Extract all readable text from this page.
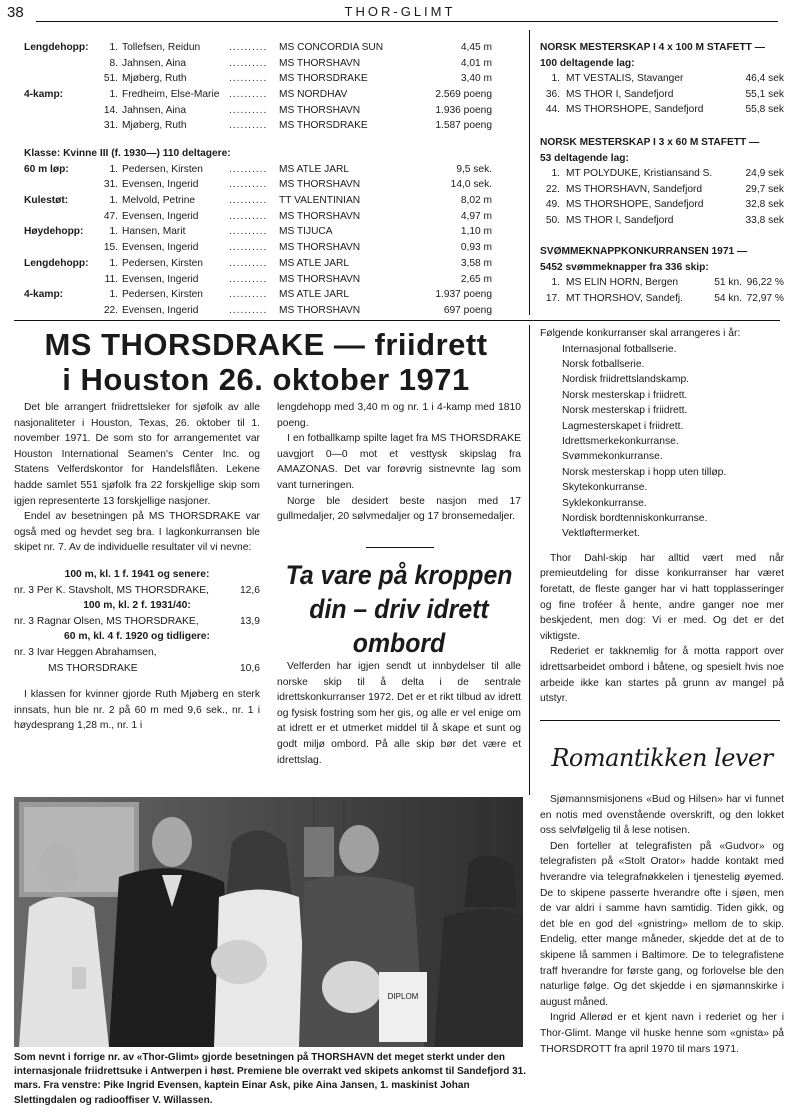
38	THOR-GLIMT
Lengdehopp:	1. Tollefsen, Reidun	..........	MS CONCORDIA SUN	4,45 m
8. Jahnsen, Aina	..........	MS THORSHAVN	4,01 m
51. Mjøberg, Ruth	..........	MS THORSDRAKE	3,40 m
4-kamp:	1. Fredheim, Else-Marie ..........	MS NORDHAV	2.569 poeng
14. Jahnsen, Aina	..........	MS THORSHAVN	1.936 poeng
31. Mjøberg, Ruth	..........	MS THORSDRAKE	1.587 poeng
Klasse: Kvinne III (f. 1930—) 110 deltagere:
60 m løp:	1. Pedersen, Kirsten	..........	MS ATLE JARL	9,5 sek.
31. Evensen, Ingerid	..........	MS THORSHAVN	14,0 sek.
Kulestøt:	1. Melvold, Petrine	..........	TT VALENTINIAN	8,02 m
47. Evensen, Ingerid	..........	MS THORSHAVN	4,97 m
Høydehopp:	1. Hansen, Marit	..........	MS TIJUCA	1,10 m
15. Evensen, Ingerid	..........	MS THORSHAVN	0,93 m
Lengdehopp:	1. Pedersen, Kirsten	..........	MS ATLE JARL	3,58 m
11. Evensen, Ingerid	..........	MS THORSHAVN	2,65 m
4-kamp:	1. Pedersen, Kirsten	..........	MS ATLE JARL	1.937 poeng
22. Evensen, Ingerid	..........	MS THORSHAVN	697 poeng
NORSK MESTERSKAP I 4 x 100 M STAFETT —
100 deltagende lag:
1. MT VESTALIS, Stavanger	46,4 sek
36. MS THOR I, Sandefjord	55,1 sek
44. MS THORSHOPE, Sandefjord	55,8 sek
NORSK MESTERSKAP I 3 x 60 M STAFETT —
53 deltagende lag:
1. MT POLYDUKE, Kristiansand S.	24,9 sek
22. MS THORSHAVN, Sandefjord	29,7 sek
49. MS THORSHOPE, Sandefjord	32,8 sek
50. MS THOR I, Sandefjord	33,8 sek
SVØMMEKNAPPKONKURRANSEN 1971 —
5452 svømmeknapper fra 336 skip:
1. MS ELIN HORN, Bergen	51 kn. 96,22 %
17. MT THORSHOV, Sandefj.	54 kn. 72,97 %
MS THORSDRAKE — friidrett
i Houston 26. oktober 1971

Det ble arrangert friidrettsleker for sjøfolk av alle nasjonaliteter i Houston, Texas, 26. oktober til 1. november 1971. De som sto for arrangementet var Houston International Seamen's Center Inc. og Statens Velferdskontor for Handelsflåten. Lekene hadde samlet 551 sjøfolk fra 22 forskjellige skip som igjen representerte 13 forskjellige nasjoner.

Endel av besetningen på MS THORSDRAKE var også med og hevdet seg bra. I lagkonkurransen ble skipet nr. 7. Av de individuelle resultater vil vi nevne:

100 m, kl. 1 f. 1941 og senere:

nr. 3 Per K. Stavsholt, MS THORSDRAKE,	12,6

100 m, kl. 2 f. 1931/40:

nr. 3 Ragnar Olsen, MS THORSDRAKE,	13,9

60 m, kl. 4 f. 1920 og tidligere:

nr. 3 Ivar Heggen Abrahamsen,

MS THORSDRAKE	10,6

I klassen for kvinner gjorde Ruth Mjøberg en sterk innsats, hun ble nr. 2 på 60 m med 9,6 sek., nr. 1 i høydesprang 1,28 m., nr. 1 i

lengdehopp med 3,40 m og nr. 1 i 4-kamp med 1810 poeng.

I en fotballkamp spilte laget fra MS THORSDRAKE uavgjort 0—0 mot et vesttysk skipslag fra AMAZONAS. Det var forøvrig sistnevnte lag som vant turneringen.

Norge ble desidert beste nasjon med 17 gullmedaljer, 20 sølvmedaljer og 17 bronsemedaljer.

Ta vare på kroppen
din – driv idrett
ombord

Velferden har igjen sendt ut innbydelser til alle norske skip til å delta i de sentrale idrettskonkurranser 1972. Det er et rikt tilbud av idrett og fysisk fostring som her gis, og alle er vel enige om at idrett er et utmerket middel til å skape et sunt og godt miljø ombord. På alle skip bør det være et idrettslag.

Følgende konkurranser skal arrangeres i år:

Internasjonal fotballserie.
Norsk fotballserie.
Nordisk friidrettslandskamp.
Norsk mesterskap i friidrett.
Norsk mesterskap i friidrett.
Lagmesterskapet i friidrett.
Idrettsmerkekonkurranse.
Svømmekonkurranse.
Norsk mesterskap i hopp uten tilløp.
Skytekonkurranse.
Syklekonkurranse.
Nordisk bordtenniskonkurranse.
Vektløftermerket.

Thor Dahl-skip har alltid vært med når premieutdeling for disse konkurranser har været foretatt, de fleste ganger har vi hatt topplasseringer og fine troféer å hente, andre ganger noe mer beskjedent, men dog: Vi er med. Og det er det viktigste.

Rederiet er takknemlig for å motta rapport over idrettsarbeidet ombord i båtene, og spesielt hvis noe arbeide ikke kan startes på grunn av mangel på utstyr.

Romantikken lever

Sjømannsmisjonens «Bud og Hilsen» har vi funnet en notis med ovenstående overskrift, og den lokket oss selvfølgelig til å lese notisen.

Den forteller at telegrafisten på «Gudvor» og telegrafisten på «Stolt Orator» hadde kontakt med hverandre via telegrafnøkkelen i tjenestelig øyemed. De to skipene passerte hverandre ofte i sjøen, men de var aldri i samme havn samtidig. Tiden gikk, og det ble en god del «gnistring» mellom de to skip. Endelig, etter mange måneder, skjedde det at de to skipene lå sammen i Baltimore. De to telegrafistene traff hverandre for første gang, og forlovelse ble den naturlige følge. Og det skjedde i en sjømannskirke i august måned.

Ingrid Allerød er et kjent navn i rederiet og her i Thor-Glimt. Mange vil huske henne som «gnista» på THORSDROTT fra april 1970 til mars 1971.

DIPLOM
Som nevnt i forrige nr. av «Thor-Glimt» gjorde besetningen på THORSHAVN det meget sterkt under den internasjonale friidrettsuke i Antwerpen i høst. Premiene ble overrakt ved skipets ankomst til Sandefjord 31. mars. Fra venstre: Pike Ingrid Evensen, kaptein Einar Ask, pike Aina Jansen, 1. maskinist Johan Slettingdalen og radiooffiser V. Willassen.
